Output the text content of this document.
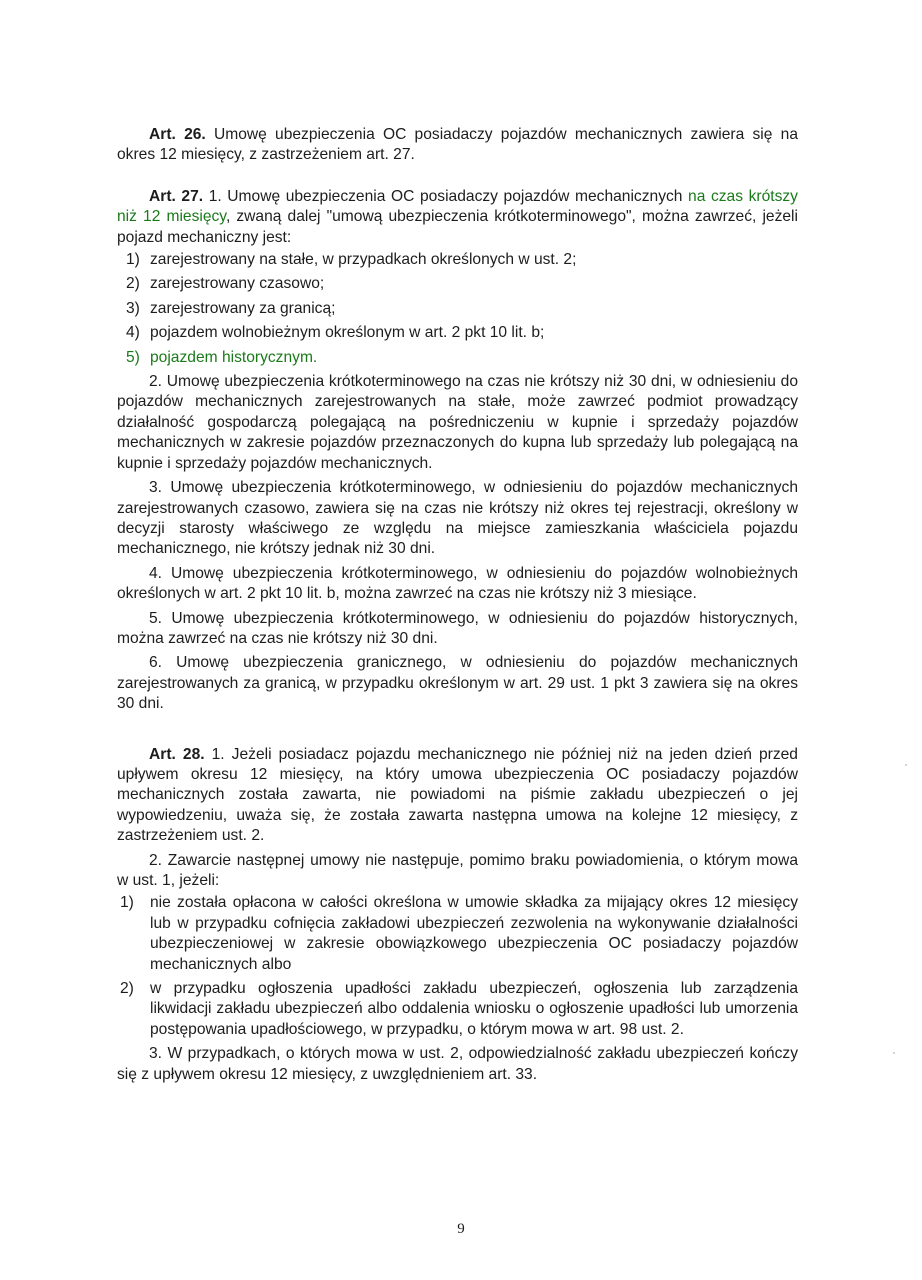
Art. 26. Umowę ubezpieczenia OC posiadaczy pojazdów mechanicznych zawiera się na okres 12 miesięcy, z zastrzeżeniem art. 27.

Art. 27. 1. Umowę ubezpieczenia OC posiadaczy pojazdów mechanicznych na czas krótszy niż 12 miesięcy, zwaną dalej "umową ubezpieczenia krótkoterminowego", można zawrzeć, jeżeli pojazd mechaniczny jest:

1) zarejestrowany na stałe, w przypadkach określonych w ust. 2;
2) zarejestrowany czasowo;
3) zarejestrowany za granicą;
4) pojazdem wolnobieżnym określonym w art. 2 pkt 10 lit. b;
5) pojazdem historycznym.

2. Umowę ubezpieczenia krótkoterminowego na czas nie krótszy niż 30 dni, w odniesieniu do pojazdów mechanicznych zarejestrowanych na stałe, może zawrzeć podmiot prowadzący działalność gospodarczą polegającą na pośredniczeniu w kupnie i sprzedaży pojazdów mechanicznych w zakresie pojazdów przeznaczonych do kupna lub sprzedaży lub polegającą na kupnie i sprzedaży pojazdów mechanicznych.

3. Umowę ubezpieczenia krótkoterminowego, w odniesieniu do pojazdów mechanicznych zarejestrowanych czasowo, zawiera się na czas nie krótszy niż okres tej rejestracji, określony w decyzji starosty właściwego ze względu na miejsce zamieszkania właściciela pojazdu mechanicznego, nie krótszy jednak niż 30 dni.

4. Umowę ubezpieczenia krótkoterminowego, w odniesieniu do pojazdów wolnobieżnych określonych w art. 2 pkt 10 lit. b, można zawrzeć na czas nie krótszy niż 3 miesiące.

5. Umowę ubezpieczenia krótkoterminowego, w odniesieniu do pojazdów historycznych, można zawrzeć na czas nie krótszy niż 30 dni.

6. Umowę ubezpieczenia granicznego, w odniesieniu do pojazdów mechanicznych zarejestrowanych za granicą, w przypadku określonym w art. 29 ust. 1 pkt 3 zawiera się na okres 30 dni.

Art. 28. 1. Jeżeli posiadacz pojazdu mechanicznego nie później niż na jeden dzień przed upływem okresu 12 miesięcy, na który umowa ubezpieczenia OC posiadaczy pojazdów mechanicznych została zawarta, nie powiadomi na piśmie zakładu ubezpieczeń o jej wypowiedzeniu, uważa się, że została zawarta następna umowa na kolejne 12 miesięcy, z zastrzeżeniem ust. 2.

2. Zawarcie następnej umowy nie następuje, pomimo braku powiadomienia, o którym mowa w ust. 1, jeżeli:

1) nie została opłacona w całości określona w umowie składka za mijający okres 12 miesięcy lub w przypadku cofnięcia zakładowi ubezpieczeń zezwolenia na wykonywanie działalności ubezpieczeniowej w zakresie obowiązkowego ubezpieczenia OC posiadaczy pojazdów mechanicznych albo
2) w przypadku ogłoszenia upadłości zakładu ubezpieczeń, ogłoszenia lub zarządzenia likwidacji zakładu ubezpieczeń albo oddalenia wniosku o ogłoszenie upadłości lub umorzenia postępowania upadłościowego, w przypadku, o którym mowa w art. 98 ust. 2.

3. W przypadkach, o których mowa w ust. 2, odpowiedzialność zakładu ubezpieczeń kończy się z upływem okresu 12 miesięcy, z uwzględnieniem art. 33.

9
